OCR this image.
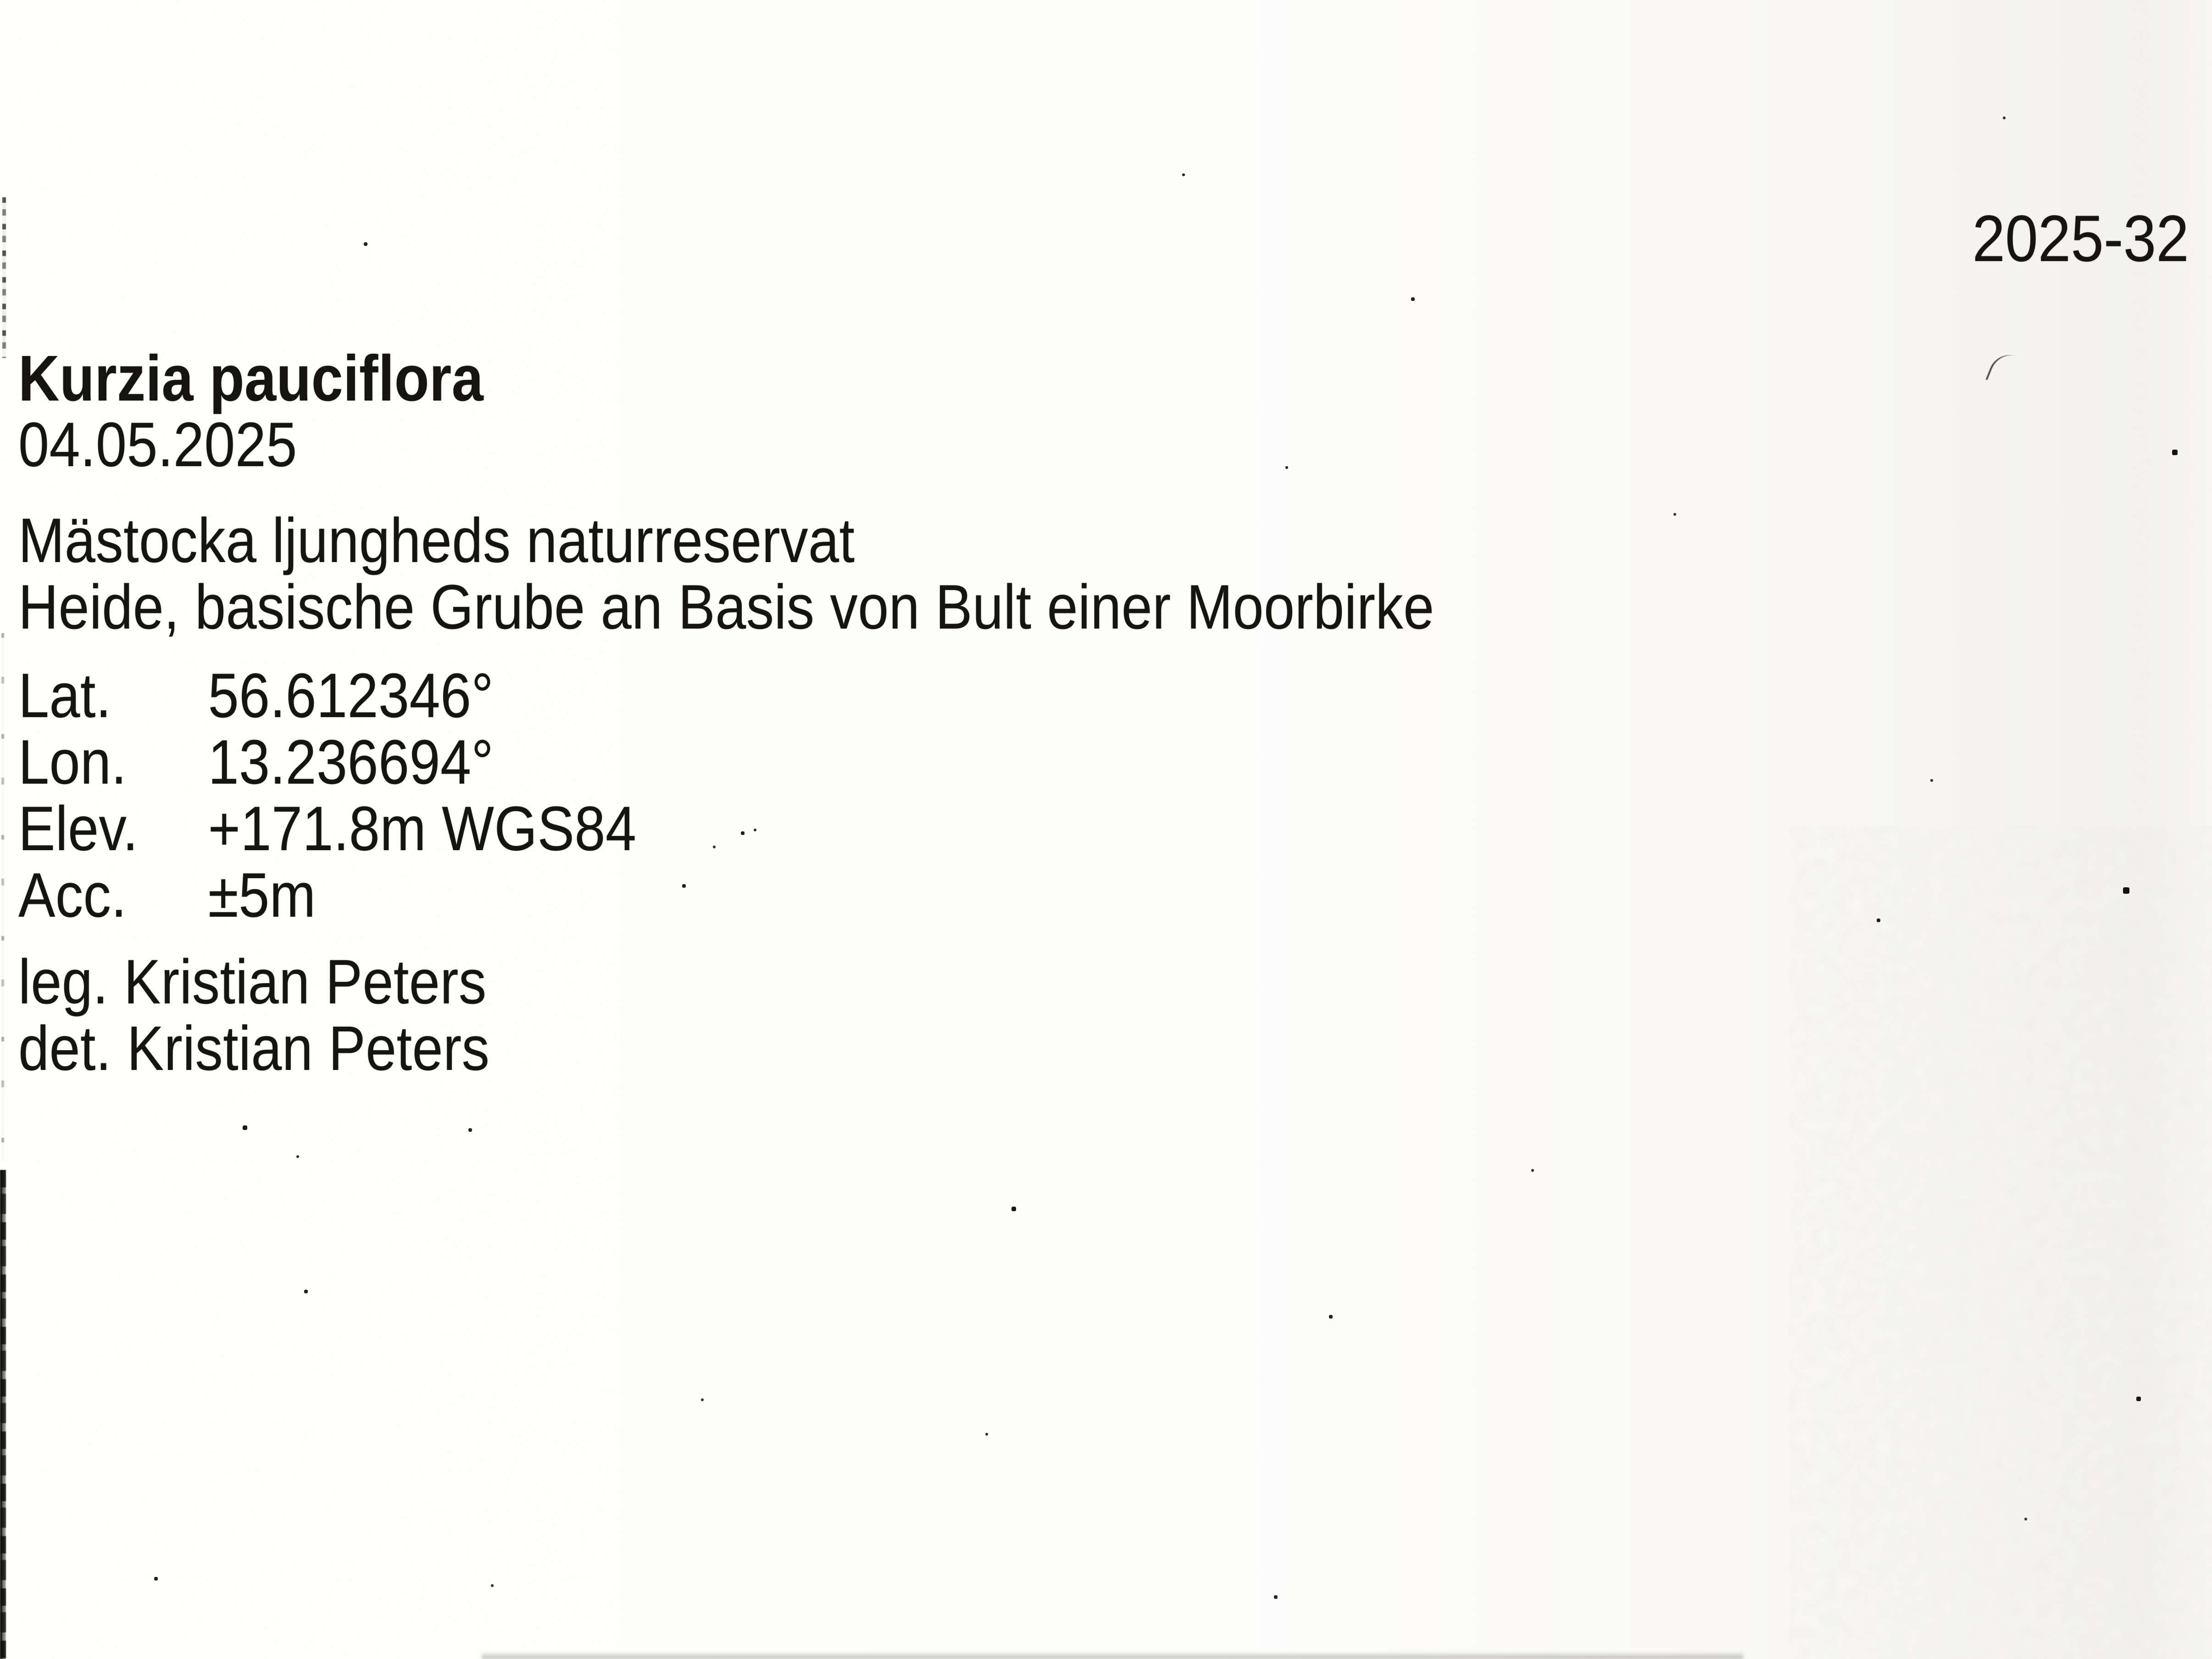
2025-32
Kurzia pauciflora
04.05.2025
Mästocka ljungheds naturreservat
Heide, basische Grube an Basis von Bult einer Moorbirke
Lat.	56.612346°
Lon.	13.236694°
Elev.	+171.8m WGS84
Acc.	±5m
leg. Kristian Peters
det. Kristian Peters
